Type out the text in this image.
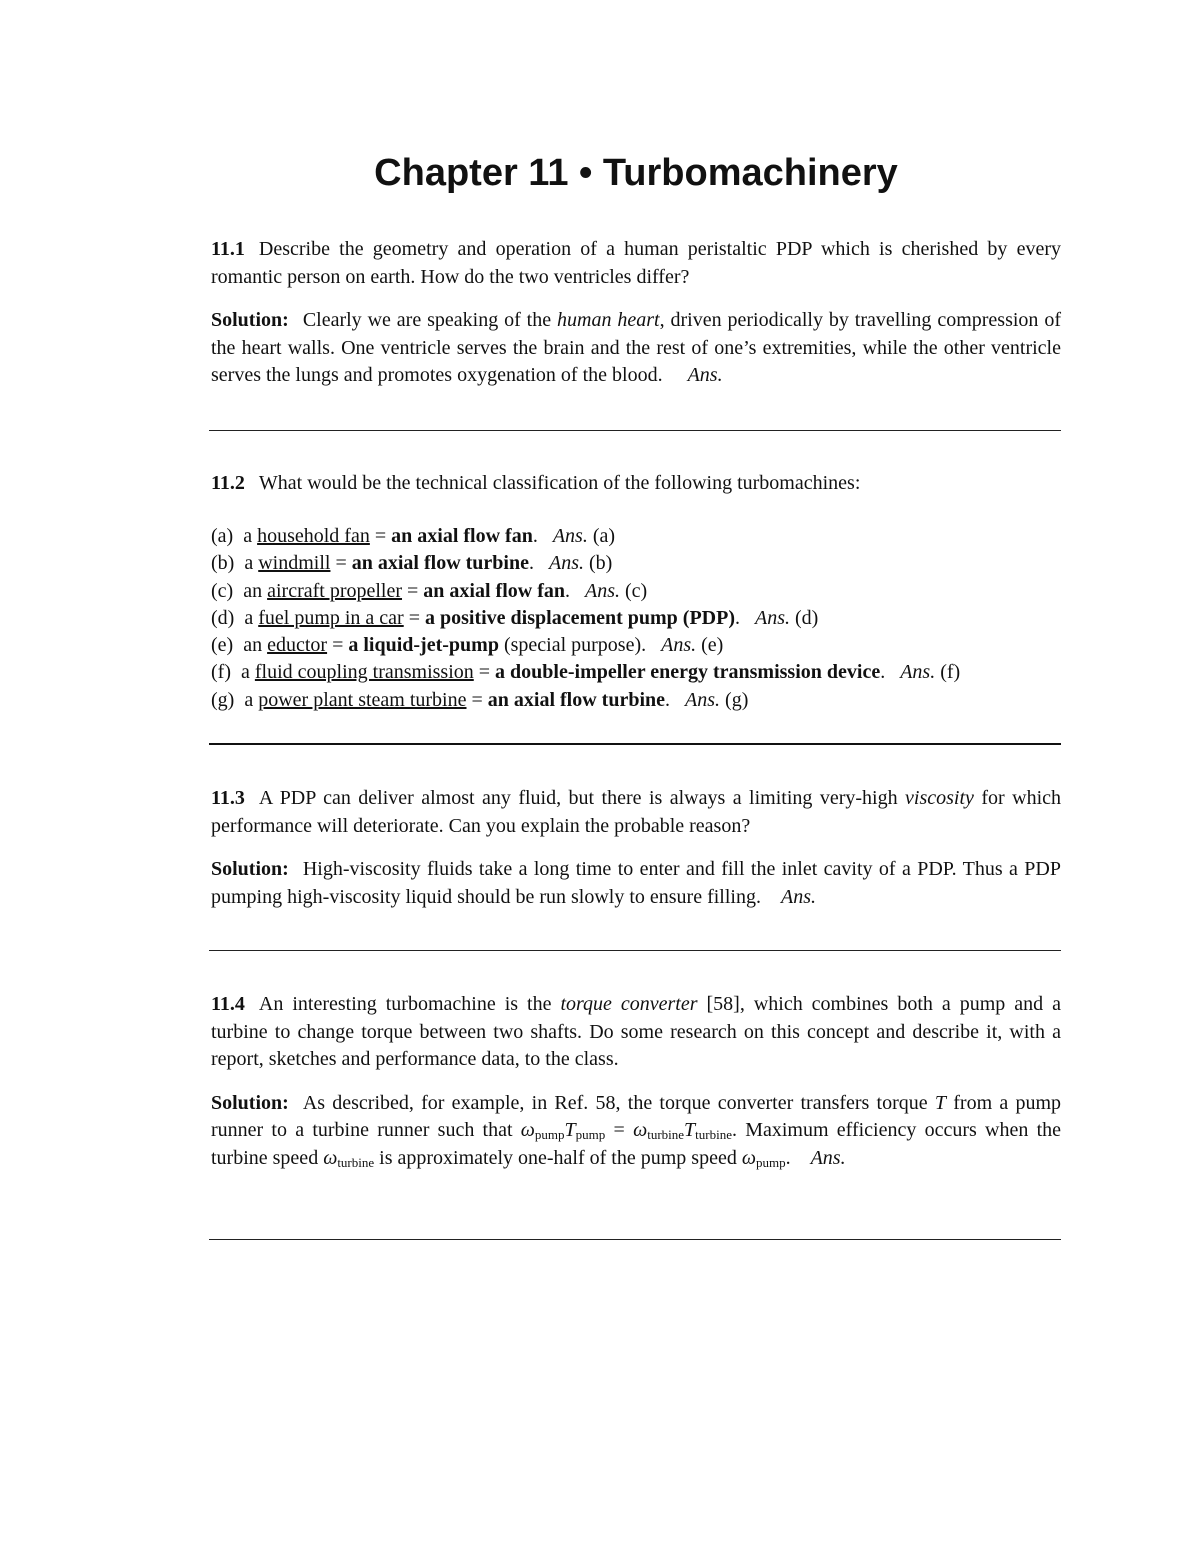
Chapter 11 • Turbomachinery

11.1 Describe the geometry and operation of a human peristaltic PDP which is cherished by every romantic person on earth. How do the two ventricles differ?

Solution: Clearly we are speaking of the human heart, driven periodically by travelling compression of the heart walls. One ventricle serves the brain and the rest of one’s extremities, while the other ventricle serves the lungs and promotes oxygenation of the blood. Ans.

11.2 What would be the technical classification of the following turbomachines:

(a) a household fan = an axial flow fan.   Ans. (a)
(b) a windmill = an axial flow turbine.   Ans. (b)
(c) an aircraft propeller = an axial flow fan.   Ans. (c)
(d) a fuel pump in a car = a positive displacement pump (PDP).   Ans. (d)
(e) an eductor = a liquid-jet-pump (special purpose).   Ans. (e)
(f) a fluid coupling transmission = a double-impeller energy transmission device.   Ans. (f)
(g) a power plant steam turbine = an axial flow turbine.   Ans. (g)

11.3 A PDP can deliver almost any fluid, but there is always a limiting very-high viscosity for which performance will deteriorate. Can you explain the probable reason?

Solution: High-viscosity fluids take a long time to enter and fill the inlet cavity of a PDP. Thus a PDP pumping high-viscosity liquid should be run slowly to ensure filling. Ans.

11.4 An interesting turbomachine is the torque converter [58], which combines both a pump and a turbine to change torque between two shafts. Do some research on this concept and describe it, with a report, sketches and performance data, to the class.

Solution: As described, for example, in Ref. 58, the torque converter transfers torque T from a pump runner to a turbine runner such that $\omega_{pump}T_{pump} = \omega_{turbine}T_{turbine}$. Maximum efficiency occurs when the turbine speed $\omega_{turbine}$ is approximately one-half of the pump speed $\omega_{pump}$. Ans.
